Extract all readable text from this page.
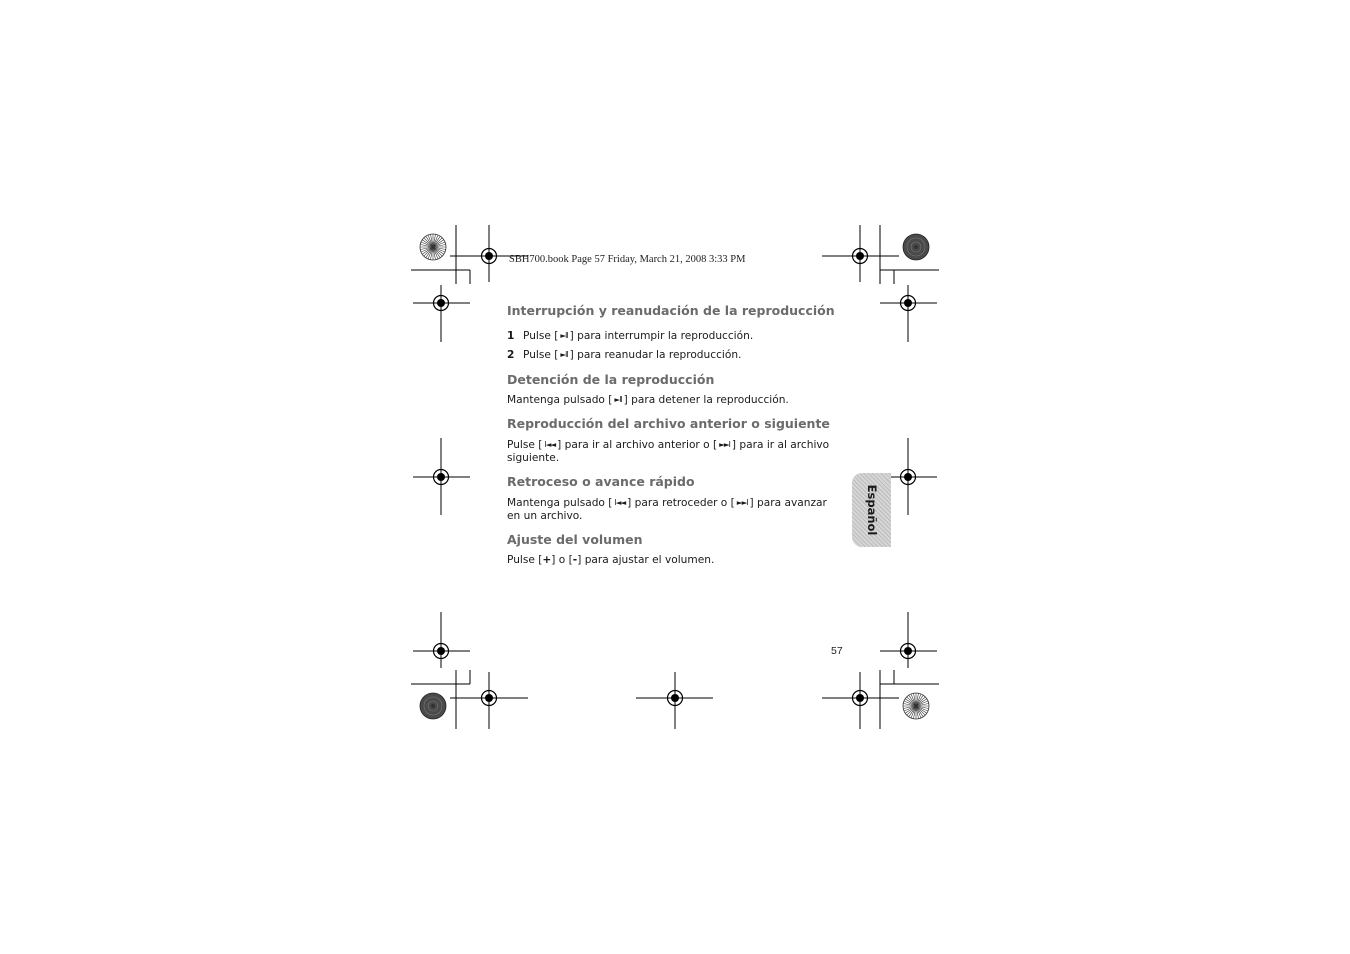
SBH700.book Page 57 Friday, March 21, 2008 3:33 PM
Interrupción y reanudación de la reproducción
1 Pulse [ ►II ] para interrumpir la reproducción.
2 Pulse [ ►II ] para reanudar la reproducción.
Detención de la reproducción
Mantenga pulsado [ ►II ] para detener la reproducción.
Reproducción del archivo anterior o siguiente
Pulse [ I◄◄ ] para ir al archivo anterior o [ ►►I ] para ir al archivo
siguiente.
Retroceso o avance rápido
Mantenga pulsado [ I◄◄ ] para retroceder o [ ►►I ] para avanzar
en un archivo.
Ajuste del volumen
Pulse [+] o [-] para ajustar el volumen.
Español
57
